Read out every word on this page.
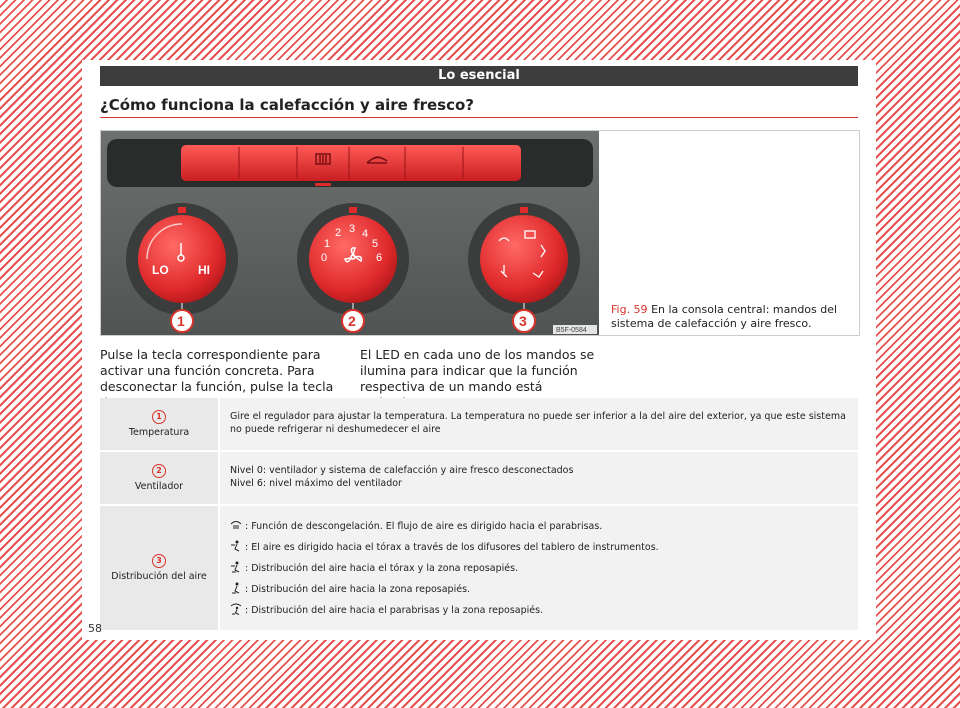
Lo esencial
¿Cómo funciona la calefacción y aire fresco?
LO HI
0
1
2 3 4
5
6
1	2	3
B5F-0584
Fig. 59 En la consola central: mandos del sistema de calefacción y aire fresco.
Pulse la tecla correspondiente para activar una función concreta. Para desconectar la función, pulse la tecla
El LED en cada uno de los mandos se ilumina para indicar que la función respectiva de un mando está
1
Temperatura
Gire el regulador para ajustar la temperatura. La temperatura no puede ser inferior a la del aire del exterior, ya que este sistema no puede refrigerar ni deshumedecer el aire
2
Ventilador
Nivel 0: ventilador y sistema de calefacción y aire fresco desconectados
Nivel 6: nivel máximo del ventilador
3
Distribución del aire
: Función de descongelación. El flujo de aire es dirigido hacia el parabrisas.
: El aire es dirigido hacia el tórax a través de los difusores del tablero de instrumentos.
: Distribución del aire hacia el tórax y la zona reposapiés.
: Distribución del aire hacia la zona reposapiés.
: Distribución del aire hacia el parabrisas y la zona reposapiés.
58
